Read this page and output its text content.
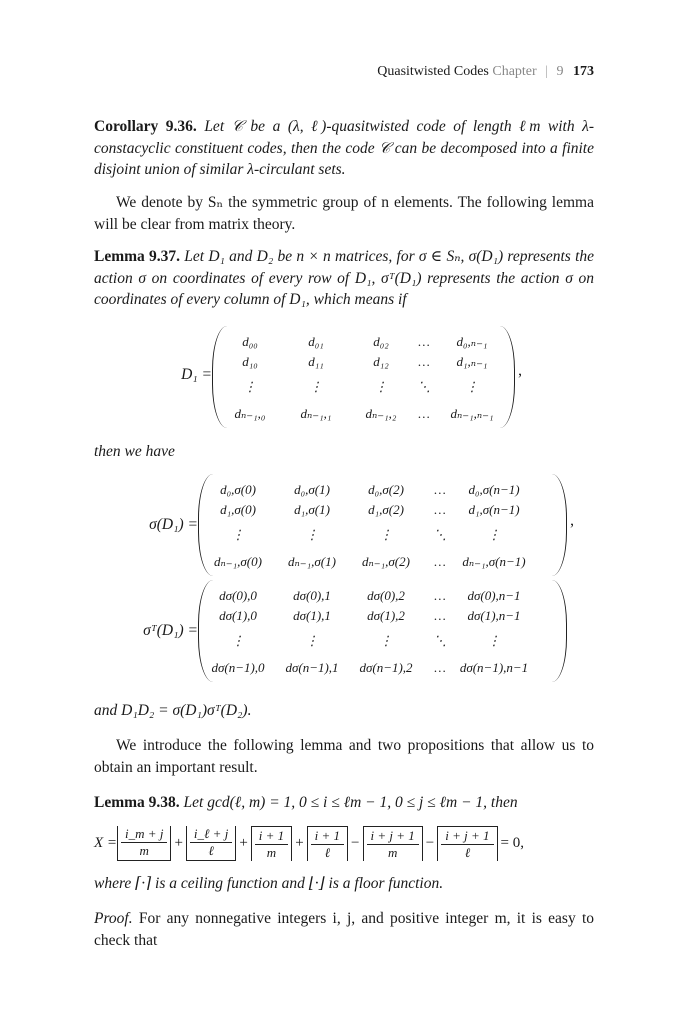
Quasitwisted Codes Chapter | 9 173
Corollary 9.36. Let 𝒞 be a (λ, ℓ)-quasitwisted code of length ℓm with λ-constacyclic constituent codes, then the code 𝒞 can be decomposed into a finite disjoint union of similar λ-circulant sets.
We denote by Sₙ the symmetric group of n elements. The following lemma will be clear from matrix theory.
Lemma 9.37. Let D₁ and D₂ be n × n matrices, for σ ∈ Sₙ, σ(D₁) represents the action σ on coordinates of every row of D₁, σᵀ(D₁) represents the action σ on coordinates of every column of D₁, which means if
D₁ =
d₀₀	d₀₁	d₀₂	…	d₀,ₙ₋₁
d₁₀	d₁₁	d₁₂	…	d₁,ₙ₋₁
⋮	⋮	⋮	⋱	⋮
dₙ₋₁,₀	dₙ₋₁,₁	dₙ₋₁,₂	…	dₙ₋₁,ₙ₋₁
,
then we have
σ(D₁) =
d₀,σ(0)	d₀,σ(1)	d₀,σ(2)	…	d₀,σ(n−1)
d₁,σ(0)	d₁,σ(1)	d₁,σ(2)	…	d₁,σ(n−1)
⋮	⋮	⋮	⋱	⋮
dₙ₋₁,σ(0)	dₙ₋₁,σ(1)	dₙ₋₁,σ(2)	…	dₙ₋₁,σ(n−1)
,
σᵀ(D₁) =
dσ(0),0	dσ(0),1	dσ(0),2	…	dσ(0),n−1
dσ(1),0	dσ(1),1	dσ(1),2	…	dσ(1),n−1
⋮	⋮	⋮	⋱	⋮
dσ(n−1),0	dσ(n−1),1	dσ(n−1),2	…	dσ(n−1),n−1
and D₁D₂ = σ(D₁)σᵀ(D₂).
We introduce the following lemma and two propositions that allow us to obtain an important result.
Lemma 9.38. Let gcd(ℓ, m) = 1, 0 ≤ i ≤ ℓm − 1, 0 ≤ j ≤ ℓm − 1, then
$X = \frac{i\_m + j}{m} + \frac{\text{i\_ℓ + j}}{\text{ℓ}} + \frac{i + 1}{m} + \frac{i + 1}{\text{ℓ}} - \frac{i + j + 1}{m} - \frac{i + j + 1}{\text{ℓ}} = 0$,
where ⌈·⌉ is a ceiling function and ⌊·⌋ is a floor function.
Proof. For any nonnegative integers i, j, and positive integer m, it is easy to check that
